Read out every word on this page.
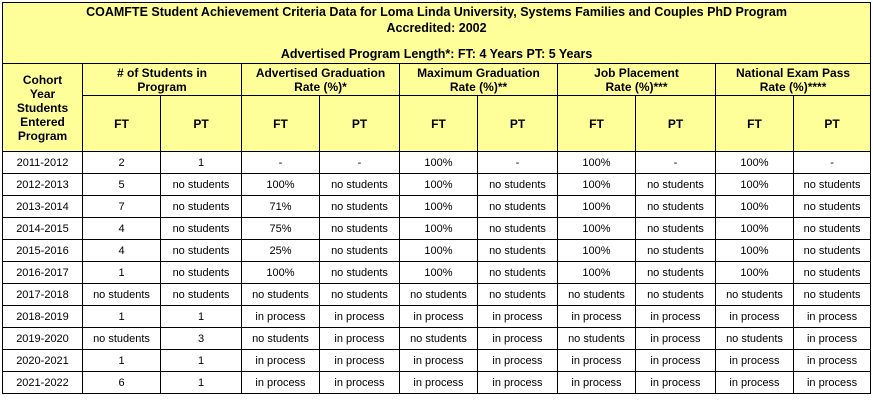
COAMFTE Student Achievement Criteria Data for Loma Linda University, Systems Families and Couples PhD Program
Accredited: 2002
Advertised Program Length*: FT: 4 Years PT: 5 Years										

Cohort Year Students Entered Program	# of Students in Program		Advertised Graduation Rate (%)*		Maximum Graduation Rate (%)**		Job Placement Rate (%)***		National Exam Pass Rate (%)****	
	FT	PT	FT	PT	FT	PT	FT	PT	FT	PT
2011-2012	2	1	-	-	100%	-	100%	-	100%	-
2012-2013	5	no students	100%	no students	100%	no students	100%	no students	100%	no students
2013-2014	7	no students	71%	no students	100%	no students	100%	no students	100%	no students
2014-2015	4	no students	75%	no students	100%	no students	100%	no students	100%	no students
2015-2016	4	no students	25%	no students	100%	no students	100%	no students	100%	no students
2016-2017	1	no students	100%	no students	100%	no students	100%	no students	100%	no students
2017-2018	no students	no students	no students	no students	no students	no students	no students	no students	no students	no students
2018-2019	1	1	in process	in process	in process	in process	in process	in process	in process	in process
2019-2020	no students	3	no students	in process	no students	in process	no students	in process	no students	in process
2020-2021	1	1	in process	in process	in process	in process	in process	in process	in process	in process
2021-2022	6	1	in process	in process	in process	in process	in process	in process	in process	in process
